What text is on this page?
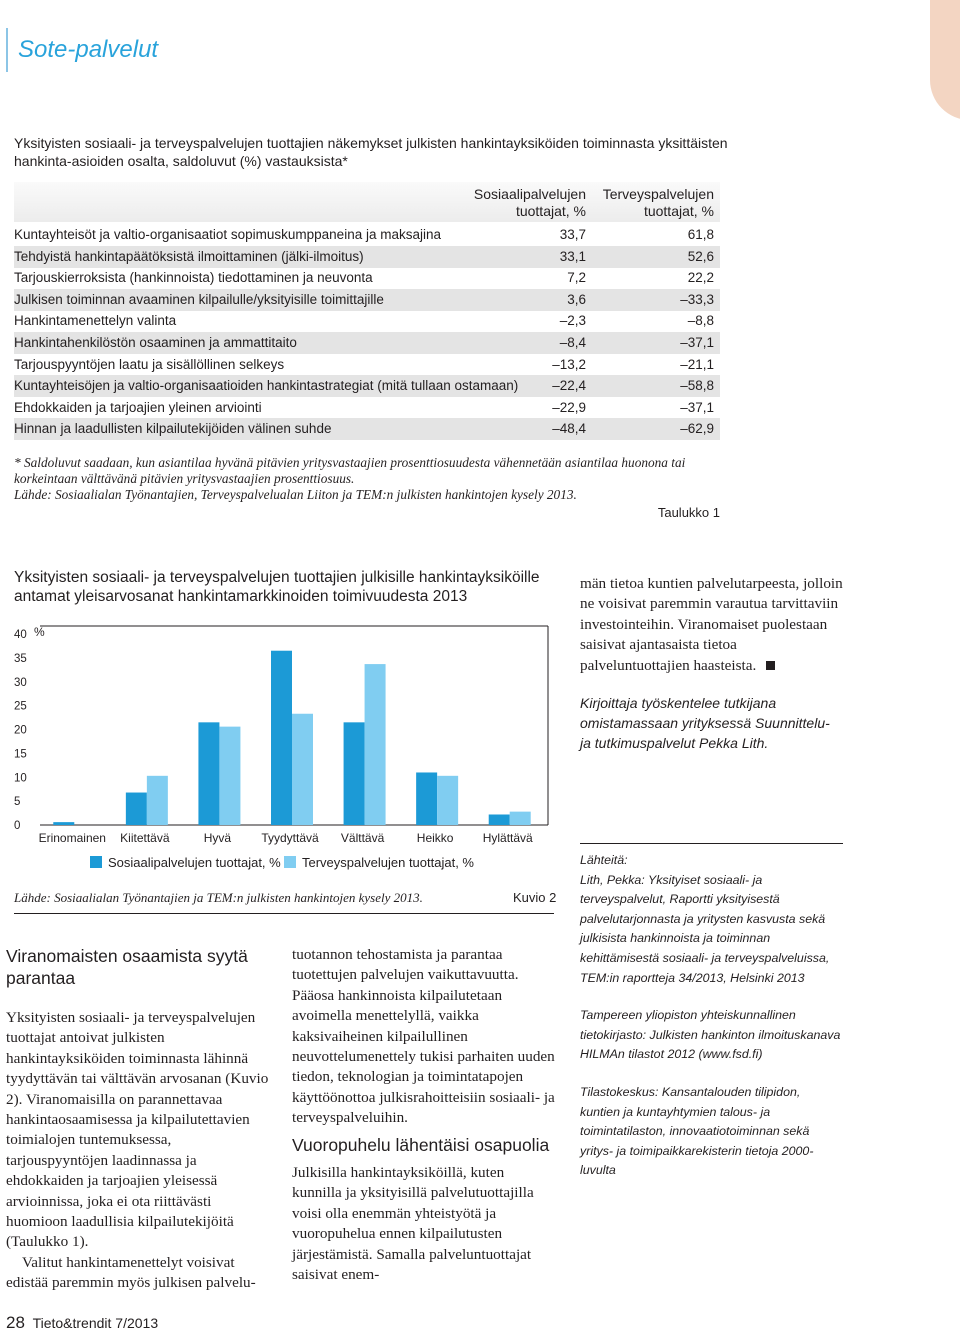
Sote-palvelut
Yksityisten sosiaali- ja terveyspalvelujen tuottajien näkemykset julkisten hankintayksiköiden toiminnasta yksittäisten hankinta-asioiden osalta, saldoluvut (%) vastauksista*
Sosiaalipalvelujen tuottajat, %
Terveyspalvelujen tuottajat, %
Kuntayhteisöt ja valtio-organisaatiot sopimuskumppaneina ja maksajina	33,7	61,8
Tehdyistä hankintapäätöksistä ilmoittaminen (jälki-ilmoitus)	33,1	52,6
Tarjouskierroksista (hankinnoista) tiedottaminen ja neuvonta	7,2	22,2
Julkisen toiminnan avaaminen kilpailulle/yksityisille toimittajille	3,6	–33,3
Hankintamenettelyn valinta	–2,3	–8,8
Hankintahenkilöstön osaaminen ja ammattitaito	–8,4	–37,1
Tarjouspyyntöjen laatu ja sisällöllinen selkeys	–13,2	–21,1
Kuntayhteisöjen ja valtio-organisaatioiden hankintastrategiat (mitä tullaan ostamaan)	–22,4	–58,8
Ehdokkaiden ja tarjoajien yleinen arviointi	–22,9	–37,1
Hinnan ja laadullisten kilpailutekijöiden välinen suhde	–48,4	–62,9
* Saldoluvut saadaan, kun asiantilaa hyvänä pitävien yritysvastaajien prosenttiosuudesta vähennetään asiantilaa huonona tai korkeintaan välttävänä pitävien yritysvastaajien prosenttiosuus.
Lähde: Sosiaalialan Työnantajien, Terveyspalvelualan Liiton ja TEM:n julkisten hankintojen kysely 2013.
Taulukko 1
Yksityisten sosiaali- ja terveyspalvelujen tuottajien julkisille hankintayksiköille antamat yleisarvosanat hankintamarkkinoiden toimivuudesta 2013
0
5
10
15
20
25
30
35
40 %
Erinomainen Kiitettävä	Hyvä	Tyydyttävä Välttävä	Heikko Hylättävä
Sosiaalipalvelujen tuottajat, %	Terveyspalvelujen tuottajat, %
Lähde: Sosiaalialan Työnantajien ja TEM:n julkisten hankintojen kysely 2013.	Kuvio 2
män tietoa kuntien palvelutarpeesta, jolloin ne voisivat paremmin varautua tarvittaviin investointeihin. Viranomaiset puolestaan saisivat ajantasaista tietoa palveluntuottajien haasteista.
Kirjoittaja työskentelee tutkijana omistamassaan yrityksessä Suunnittelu- ja tutkimuspalvelut Pekka Lith.
Lähteitä:

Lith, Pekka: Yksityiset sosiaali- ja terveyspalvelut, Raportti yksityisestä palvelutarjonnasta ja yritysten kasvusta sekä julkisista hankinnoista ja toiminnan kehittämisestä sosiaali- ja terveyspalveluissa, TEM:in raportteja 34/2013, Helsinki 2013

Tampereen yliopiston yhteiskunnallinen tietokirjasto: Julkisten hankinton ilmoituskanava HILMAn tilastot 2012 (www.fsd.fi)

Tilastokeskus: Kansantalouden tilipidon, kuntien ja kuntayhtymien talous- ja toimintatilaston, innovaatiotoiminnan sekä yritys- ja toimipaikkarekisterin tietoja 2000-luvulta

Viranomaisten osaamista syytä parantaa
Yksityisten sosiaali- ja terveyspalvelujen tuottajat antoivat julkisten hankintayksiköiden toiminnasta lähinnä tyydyttävän tai välttävän arvosanan (Kuvio 2). Viranomaisilla on parannettavaa hankintaosaamisessa ja kilpailutettavien toimialojen tuntemuksessa, tarjouspyyntöjen laadinnassa ja ehdokkaiden ja tarjoajien yleisessä arvioinnissa, joka ei ota riittävästi huomioon laadullisia kilpailutekijöitä (Taulukko 1).
Valitut hankintamenettelyt voisivat edistää paremmin myös julkisen palvelu-
tuotannon tehostamista ja parantaa tuotettujen palvelujen vaikuttavuutta. Pääosa hankinnoista kilpailutetaan avoimella menettelyllä, vaikka kaksivaiheinen kilpailullinen neuvottelumenettely tukisi parhaiten uuden tiedon, teknologian ja toimintatapojen käyttöönottoa julkisrahoitteisiin sosiaali- ja terveyspalveluihin.
Vuoropuhelu lähentäisi osapuolia
Julkisilla hankintayksiköillä, kuten kunnilla ja yksityisillä palvelutuottajilla voisi olla enemmän yhteistyötä ja vuoropuhelua ennen kilpailutusten järjestämistä. Samalla palveluntuottajat saisivat enem-
28 Tieto&trendit 7/2013
